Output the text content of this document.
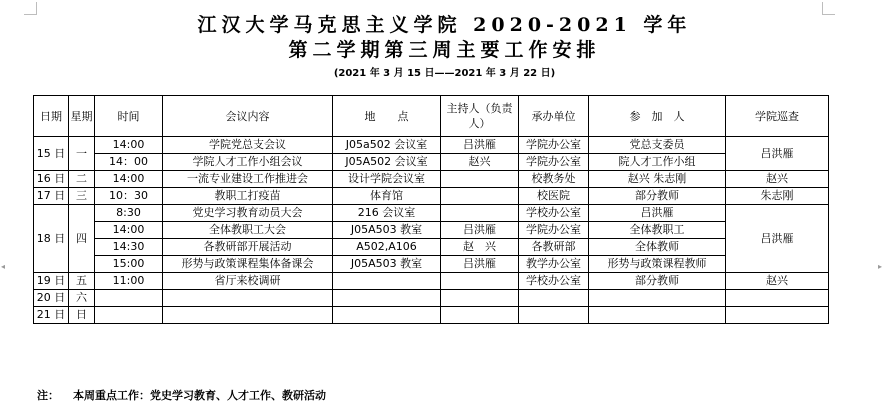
◂	▸
江汉大学马克思主义学院 2020-2021 学年
第二学期第三周主要工作安排
(2021 年 3 月 15 日——2021 年 3 月 22 日)
日期	星期	时间	会议内容	地　　点	主持人（负责人）	承办单位	参　加　人	学院巡查
15 日	一	14:00	学院党总支会议	J05a502 会议室	吕洪雁	学院办公室	党总支委员	吕洪雁
		14：00	学院人才工作小组会议	J05A502 会议室	赵兴	学院办公室	院人才工作小组	
16 日	二	14:00	一流专业建设工作推进会	设计学院会议室		校教务处	赵兴 朱志刚	赵兴
17 日	三	10：30	教职工打疫苗	体育馆		校医院	部分教师	朱志刚
18 日	四	8:30	党史学习教育动员大会	216 会议室		学校办公室	吕洪雁	吕洪雁
		14:00	全体教职工大会	J05A503 教室	吕洪雁	学院办公室	全体教职工	
		14:30	各教研部开展活动	A502,A106	赵　兴	各教研部	全体教师	
		15:00	形势与政策课程集体备课会	J05A503 教室	吕洪雁	教学办公室	形势与政策课程教师	
19 日	五	11:00	省厅来校调研			学校办公室	部分教师	赵兴
20 日	六							
21 日	日							
注： 本周重点工作：党史学习教育、人才工作、教研活动
